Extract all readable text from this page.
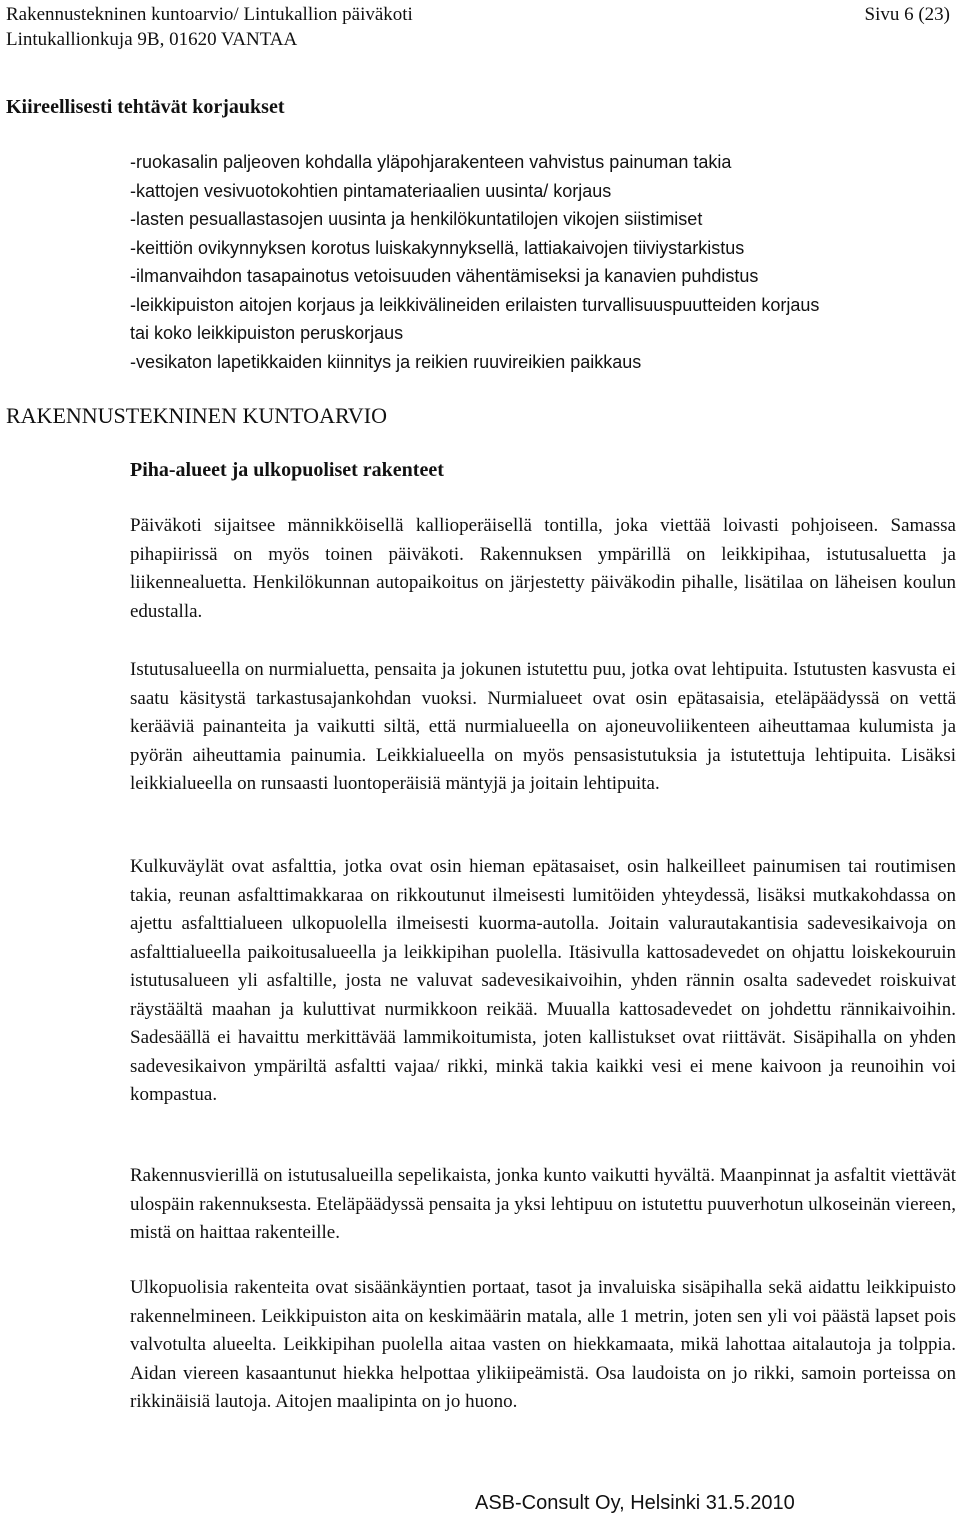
Rakennustekninen kuntoarvio/ Lintukallion päiväkoti
Lintukallionkuja 9B, 01620 VANTAA
Sivu 6 (23)
Kiireellisesti tehtävät korjaukset
-ruokasalin paljeoven kohdalla yläpohjarakenteen vahvistus painuman takia
-kattojen vesivuotokohtien pintamateriaalien uusinta/ korjaus
-lasten pesuallastasojen uusinta ja henkilökuntatilojen vikojen siistimiset
-keittiön ovikynnyksen korotus luiskakynnyksellä, lattiakaivojen tiiviystarkistus
-ilmanvaihdon tasapainotus vetoisuuden vähentämiseksi ja kanavien puhdistus
-leikkipuiston aitojen korjaus ja leikkivälineiden erilaisten turvallisuuspuutteiden korjaus
tai koko leikkipuiston peruskorjaus
-vesikaton lapetikkaiden kiinnitys ja reikien ruuvireikien paikkaus
RAKENNUSTEKNINEN KUNTOARVIO
Piha-alueet ja ulkopuoliset rakenteet
Päiväkoti sijaitsee männikköisellä kallioperäisellä tontilla, joka viettää loivasti pohjoiseen. Samassa pihapiirissä on myös toinen päiväkoti. Rakennuksen ympärillä on leikkipihaa, istutusaluetta ja liikennealuetta. Henkilökunnan autopaikoitus on järjestetty päiväkodin pihalle, lisätilaa on läheisen koulun edustalla.
Istutusalueella on nurmialuetta, pensaita ja jokunen istutettu puu, jotka ovat lehtipuita. Istutusten kasvusta ei saatu käsitystä tarkastusajankohdan vuoksi. Nurmialueet ovat osin epätasaisia, eteläpäädyssä on vettä kerääviä painanteita ja vaikutti siltä, että nurmialueella on ajoneuvoliikenteen aiheuttamaa kulumista ja pyörän aiheuttamia painumia. Leikkialueella on myös pensasistutuksia ja istutettuja lehtipuita. Lisäksi leikkialueella on runsaasti luontoperäisiä mäntyjä ja joitain lehtipuita.
Kulkuväylät ovat asfalttia, jotka ovat osin hieman epätasaiset, osin halkeilleet painumisen tai routimisen takia, reunan asfalttimakkaraa on rikkoutunut ilmeisesti lumitöiden yhteydessä, lisäksi mutkakohdassa on ajettu asfalttialueen ulkopuolella ilmeisesti kuorma-autolla. Joitain valurautakantisia sadevesikaivoja on asfalttialueella paikoitusalueella ja leikkipihan puolella. Itäsivulla kattosadevedet on ohjattu loiskekouruin istutusalueen yli asfaltille, josta ne valuvat sadevesikaivoihin, yhden rännin osalta sadevedet roiskuivat räystäältä maahan ja kuluttivat nurmikkoon reikää. Muualla kattosadevedet on johdettu rännikaivoihin. Sadesäällä ei havaittu merkittävää lammikoitumista, joten kallistukset ovat riittävät. Sisäpihalla on yhden sadevesikaivon ympäriltä asfaltti vajaa/ rikki, minkä takia kaikki vesi ei mene kaivoon ja reunoihin voi kompastua.
Rakennusvierillä on istutusalueilla sepelikaista, jonka kunto vaikutti hyvältä. Maanpinnat ja asfaltit viettävät ulospäin rakennuksesta. Eteläpäädyssä pensaita ja yksi lehtipuu on istutettu puuverhotun ulkoseinän viereen, mistä on haittaa rakenteille.
Ulkopuolisia rakenteita ovat sisäänkäyntien portaat, tasot ja invaluiska sisäpihalla sekä aidattu leikkipuisto rakennelmineen. Leikkipuiston aita on keskimäärin matala, alle 1 metrin, joten sen yli voi päästä lapset pois valvotulta alueelta. Leikkipihan puolella aitaa vasten on hiekkamaata, mikä lahottaa aitalautoja ja tolppia. Aidan viereen kasaantunut hiekka helpottaa ylikiipeämistä. Osa laudoista on jo rikki, samoin porteissa on rikkinäisiä lautoja. Aitojen maalipinta on jo huono.
ASB-Consult Oy, Helsinki 31.5.2010
